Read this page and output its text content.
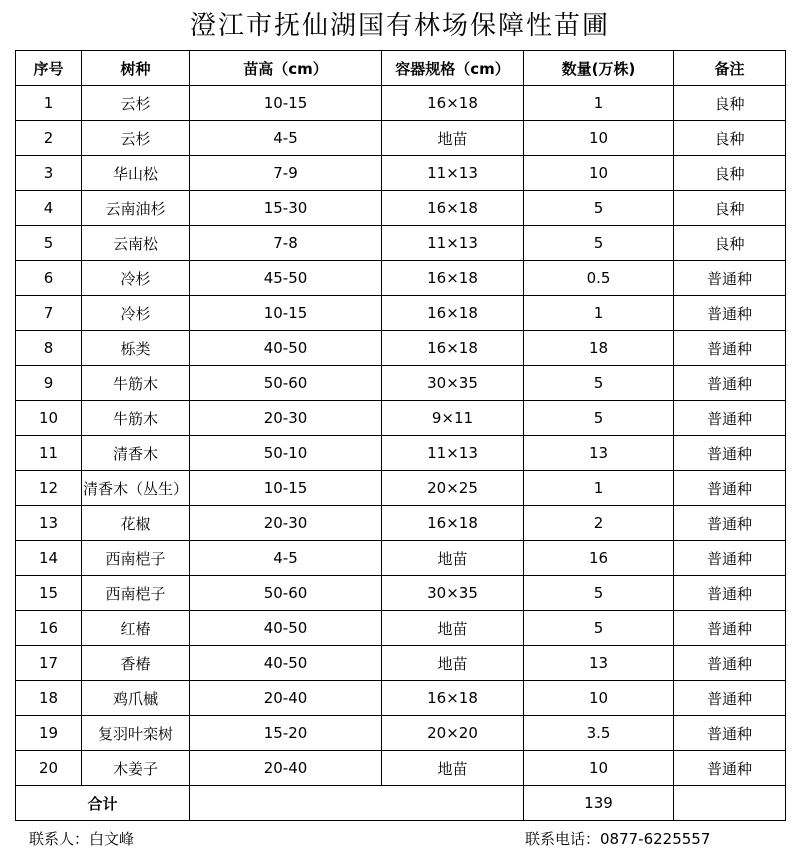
澄江市抚仙湖国有林场保障性苗圃
序号	树种	苗高（cm）	容器规格（cm）	数量(万株)	备注
1	云杉	10-15	16×18	1	良种
2	云杉	4-5	地苗	10	良种
3	华山松	7-9	11×13	10	良种
4	云南油杉	15-30	16×18	5	良种
5	云南松	7-8	11×13	5	良种
6	冷杉	45-50	16×18	0.5	普通种
7	冷杉	10-15	16×18	1	普通种
8	栎类	40-50	16×18	18	普通种
9	牛筋木	50-60	30×35	5	普通种
10	牛筋木	20-30	9×11	5	普通种
11	清香木	50-10	11×13	13	普通种
12	清香木（丛生）	10-15	20×25	1	普通种
13	花椒	20-30	16×18	2	普通种
14	西南桤子	4-5	地苗	16	普通种
15	西南桤子	50-60	30×35	5	普通种
16	红椿	40-50	地苗	5	普通种
17	香椿	40-50	地苗	13	普通种
18	鸡爪槭	20-40	16×18	10	普通种
19	复羽叶栾树	15-20	20×20	3.5	普通种
20	木姜子	20-40	地苗	10	普通种
合计				139	
联系人：白文峰	联系电话：0877-6225557
